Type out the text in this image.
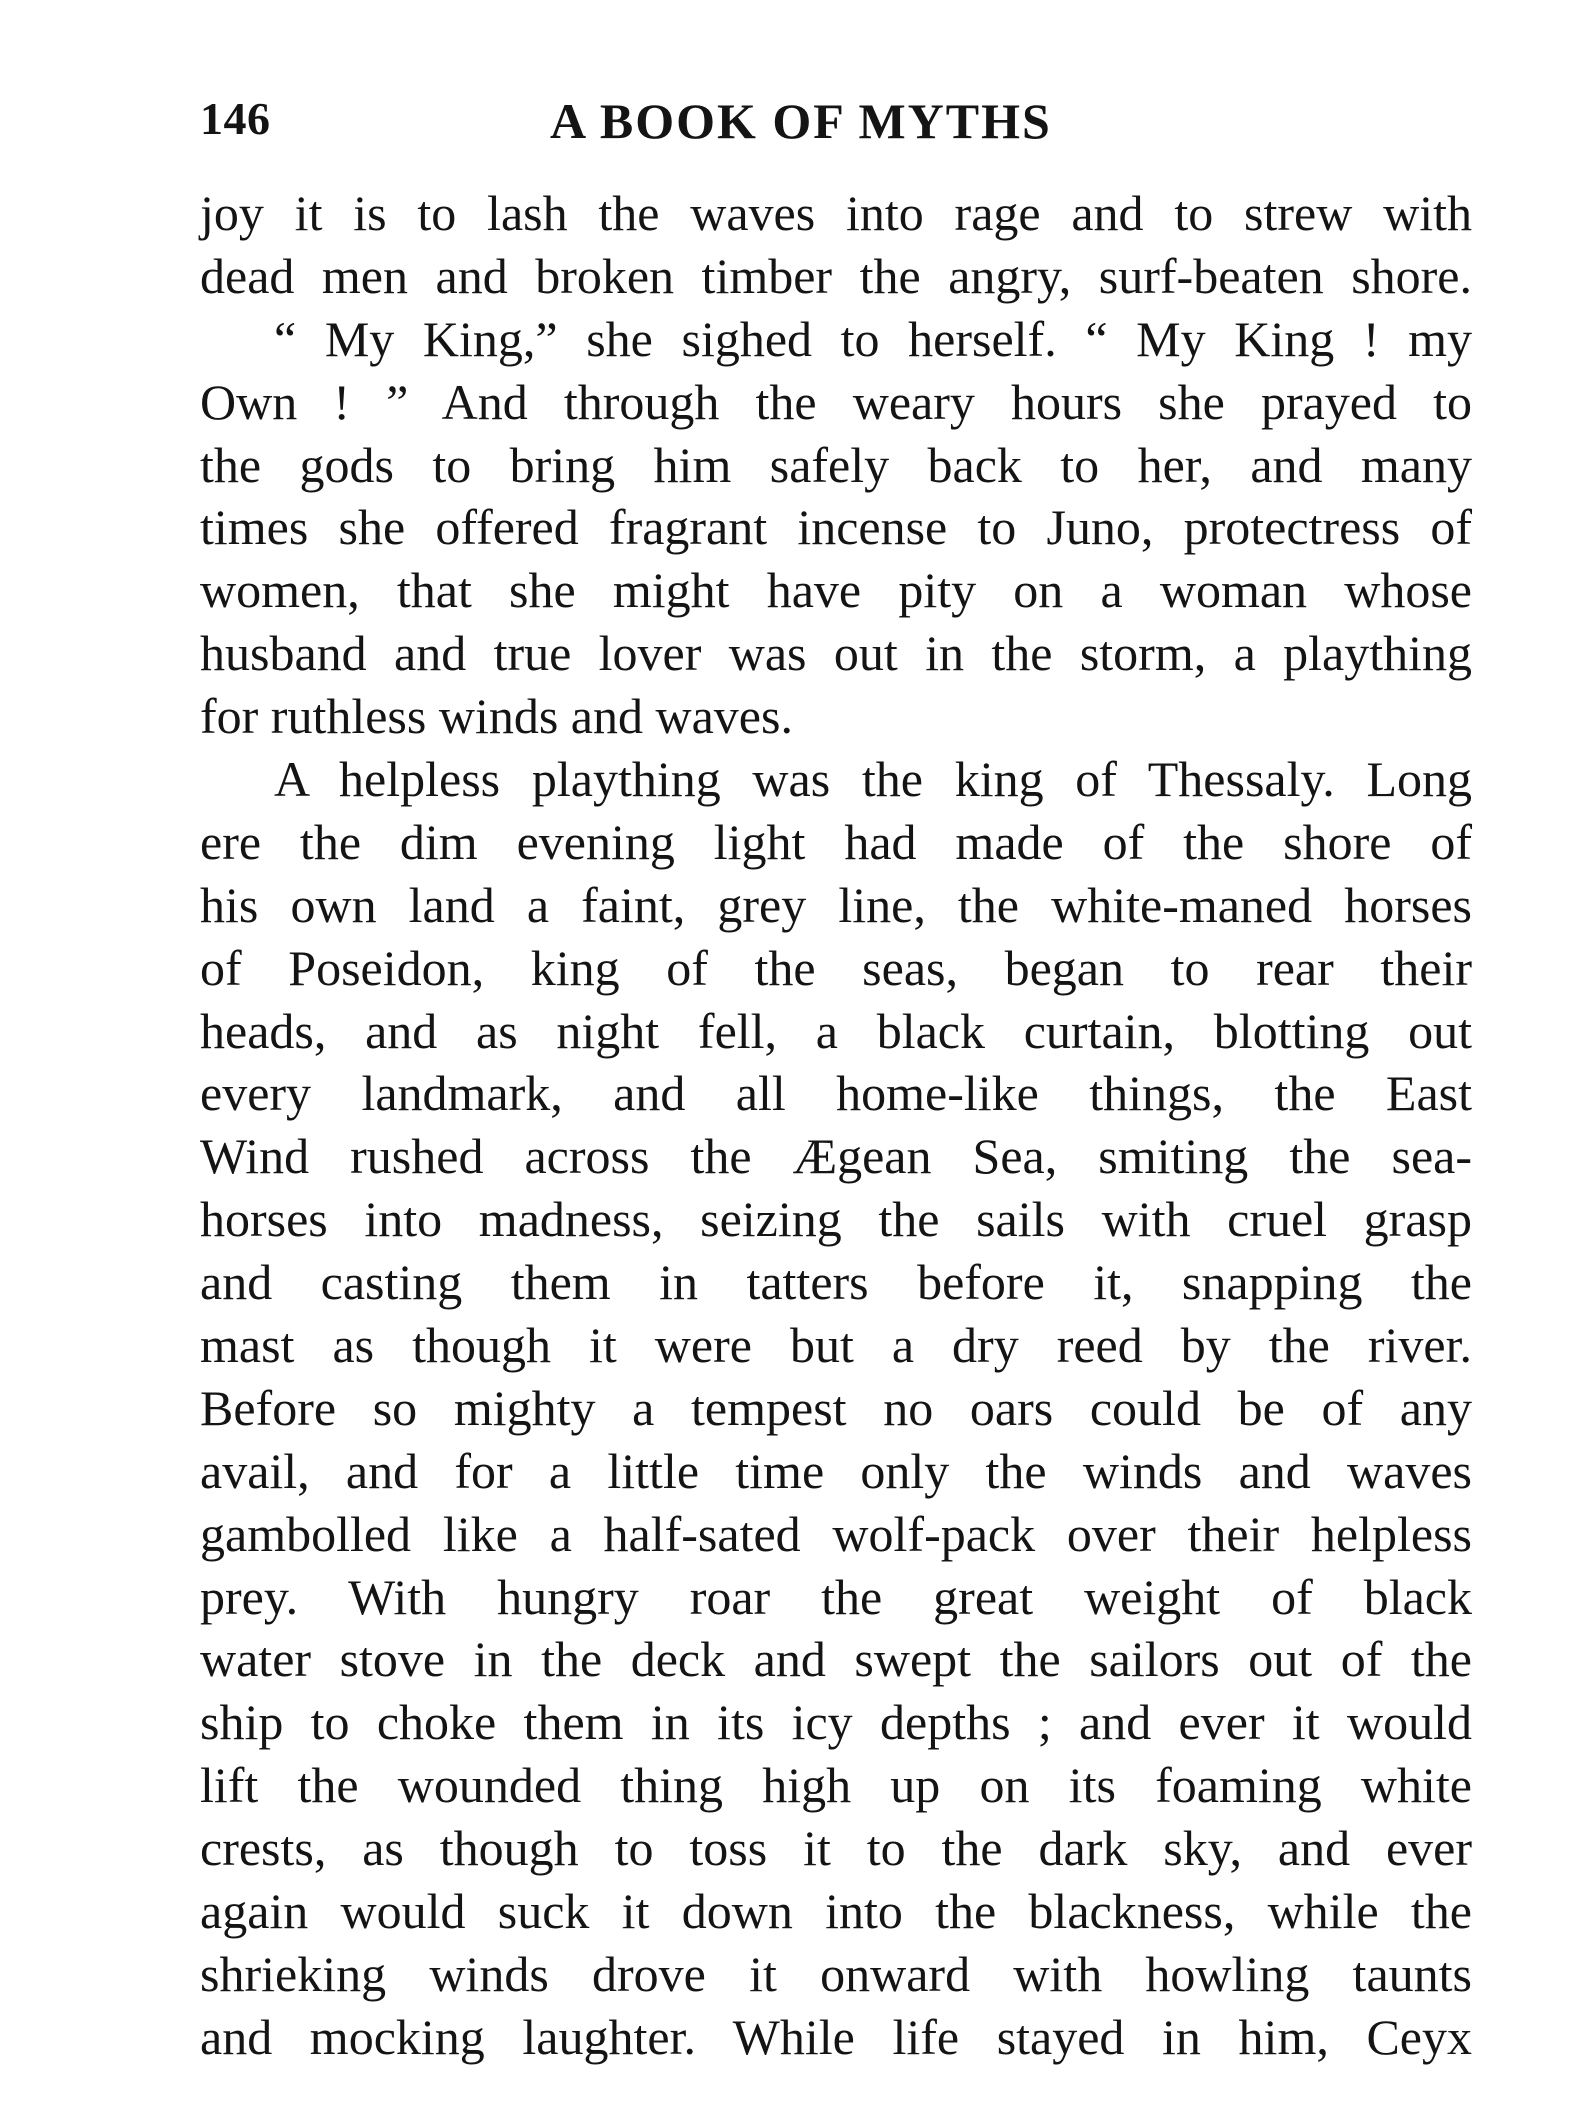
146	A BOOK OF MYTHS
joy it is to lash the waves into rage and to strew with
dead men and broken timber the angry, surf-beaten shore.
“ My King,” she sighed to herself. “ My King ! my
Own ! ” And through the weary hours she prayed to
the gods to bring him safely back to her, and many
times she offered fragrant incense to Juno, protectress of
women, that she might have pity on a woman whose
husband and true lover was out in the storm, a plaything
for ruthless winds and waves.
A helpless plaything was the king of Thessaly. Long
ere the dim evening light had made of the shore of
his own land a faint, grey line, the white-maned horses
of Poseidon, king of the seas, began to rear their
heads, and as night fell, a black curtain, blotting out
every landmark, and all home-like things, the East
Wind rushed across the Ægean Sea, smiting the sea-
horses into madness, seizing the sails with cruel grasp
and casting them in tatters before it, snapping the
mast as though it were but a dry reed by the river.
Before so mighty a tempest no oars could be of any
avail, and for a little time only the winds and waves
gambolled like a half-sated wolf-pack over their helpless
prey. With hungry roar the great weight of black
water stove in the deck and swept the sailors out of the
ship to choke them in its icy depths ; and ever it would
lift the wounded thing high up on its foaming white
crests, as though to toss it to the dark sky, and ever
again would suck it down into the blackness, while the
shrieking winds drove it onward with howling taunts
and mocking laughter. While life stayed in him, Ceyx
